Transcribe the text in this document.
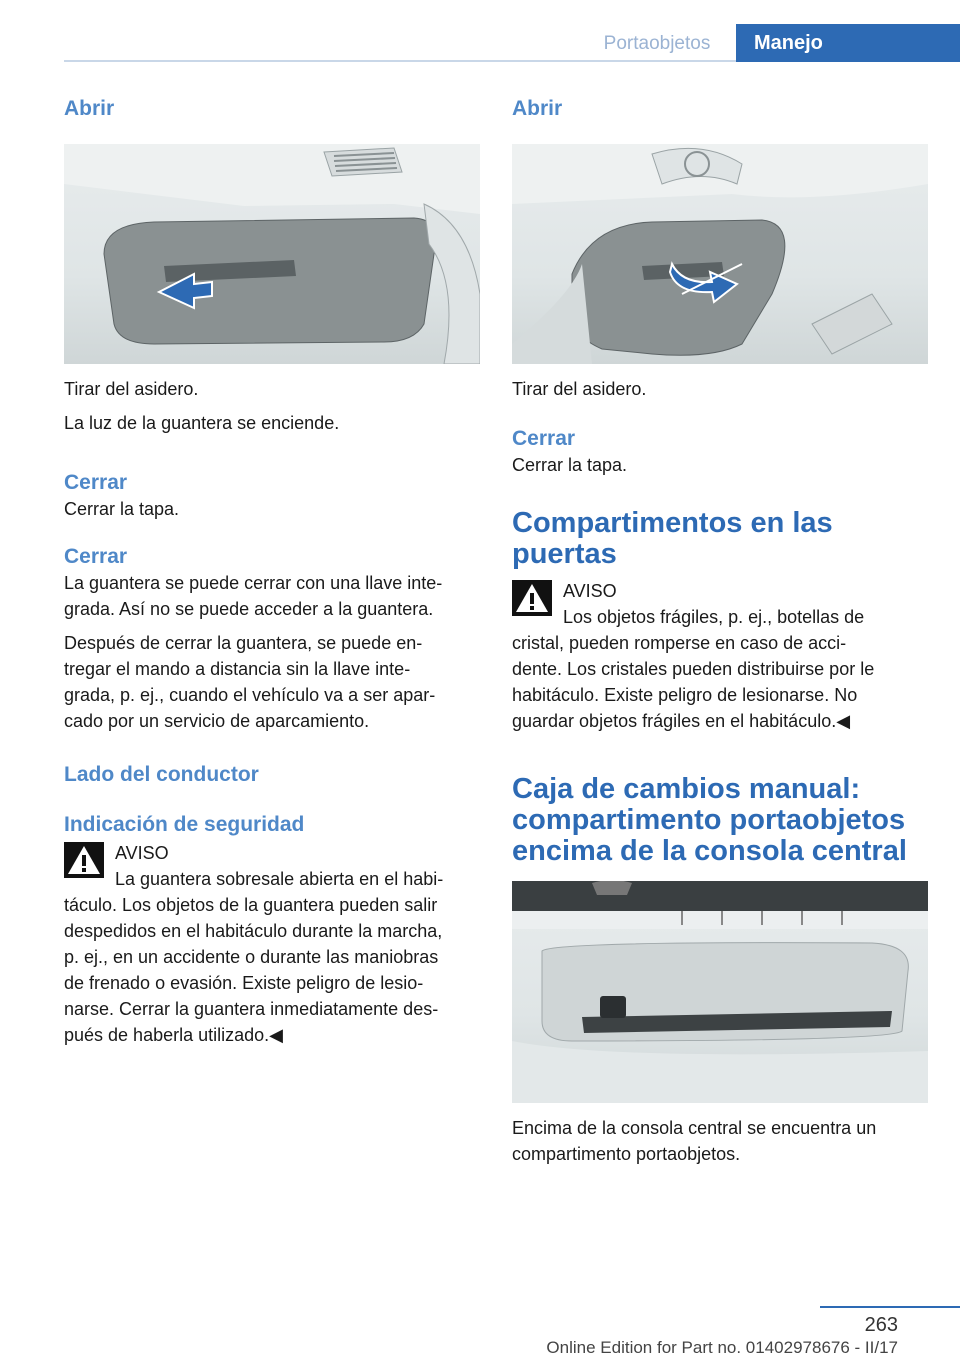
Portaobjetos	Manejo
Abrir

Tirar del asidero.

La luz de la guantera se enciende.

Cerrar

Cerrar la tapa.

Cerrar

La guantera se puede cerrar con una llave inte‐

grada. Así no se puede acceder a la guantera.

Después de cerrar la guantera, se puede en‐

tregar el mando a distancia sin la llave inte‐

grada, p. ej., cuando el vehículo va a ser apar‐

cado por un servicio de aparcamiento.

Lado del conductor
Indicación de seguridad

AVISO

La guantera sobresale abierta en el habi‐

táculo. Los objetos de la guantera pueden salir

despedidos en el habitáculo durante la marcha,

p. ej., en un accidente o durante las maniobras

de frenado o evasión. Existe peligro de lesio‐

narse. Cerrar la guantera inmediatamente des‐

pués de haberla utilizado.◀

Abrir

Tirar del asidero.

Cerrar

Cerrar la tapa.

Compartimentos en las
puertas

AVISO

Los objetos frágiles, p. ej., botellas de

cristal, pueden romperse en caso de acci‐

dente. Los cristales pueden distribuirse por le

habitáculo. Existe peligro de lesionarse. No

guardar objetos frágiles en el habitáculo.◀

Caja de cambios manual:
compartimento portaobjetos
encima de la consola central

Encima de la consola central se encuentra un

compartimento portaobjetos.

263
Online Edition for Part no. 01402978676 - II/17
